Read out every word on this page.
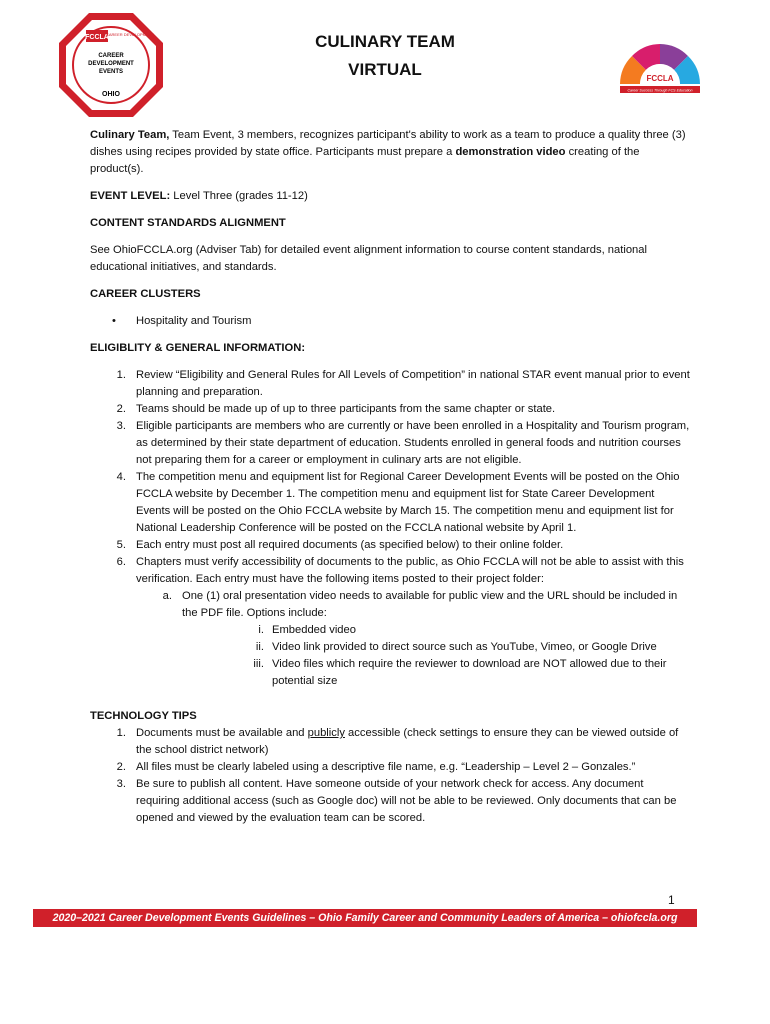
FCCLA
CAREER
DEVELOPMENT
EVENTS
OHIO
CAREER DEVELOPMENT
FCCLA
Career Success Through FCS Education
CULINARY TEAM
VIRTUAL

Culinary Team, Team Event, 3 members, recognizes participant's ability to work as a team to produce a quality three (3) dishes using recipes provided by state office. Participants must prepare a demonstration video creating of the product(s).

EVENT LEVEL: Level Three (grades 11-12)

CONTENT STANDARDS ALIGNMENT

See OhioFCCLA.org (Adviser Tab) for detailed event alignment information to course content standards, national educational initiatives, and standards.

CAREER CLUSTERS

• Hospitality and Tourism

ELIGIBLITY & GENERAL INFORMATION:

1. Review “Eligibility and General Rules for All Levels of Competition” in national STAR event manual prior to event planning and preparation.
2. Teams should be made up of up to three participants from the same chapter or state.
3. Eligible participants are members who are currently or have been enrolled in a Hospitality and Tourism program, as determined by their state department of education. Students enrolled in general foods and nutrition courses not preparing them for a career or employment in culinary arts are not eligible.
4. The competition menu and equipment list for Regional Career Development Events will be posted on the Ohio FCCLA website by December 1. The competition menu and equipment list for State Career Development Events will be posted on the Ohio FCCLA website by March 15. The competition menu and equipment list for National Leadership Conference will be posted on the FCCLA national website by April 1.
5. Each entry must post all required documents (as specified below) to their online folder.
6. Chapters must verify accessibility of documents to the public, as Ohio FCCLA will not be able to assist with this verification. Each entry must have the following items posted to their project folder:
a. One (1) oral presentation video needs to available for public view and the URL should be included in the PDF file. Options include:
i. Embedded video
ii. Video link provided to direct source such as YouTube, Vimeo, or Google Drive
iii. Video files which require the reviewer to download are NOT allowed due to their potential size

TECHNOLOGY TIPS

1. Documents must be available and publicly accessible (check settings to ensure they can be viewed outside of the school district network)
2. All files must be clearly labeled using a descriptive file name, e.g. “Leadership – Level 2 – Gonzales.”
3. Be sure to publish all content. Have someone outside of your network check for access. Any document requiring additional access (such as Google doc) will not be able to be reviewed. Only documents that can be opened and viewed by the evaluation team can be scored.
1
2020–2021 Career Development Events Guidelines – Ohio Family Career and Community Leaders of America – ohiofccla.org
